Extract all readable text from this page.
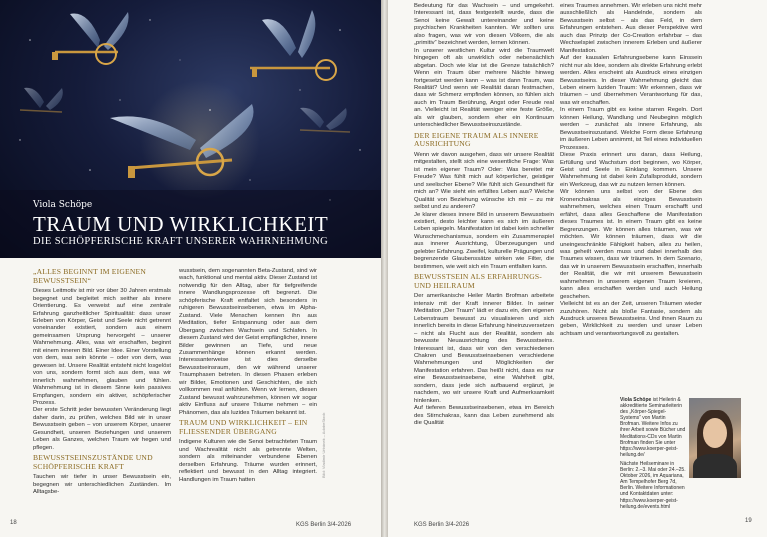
Viola Schöpe
TRAUM UND WIRKLICHKEIT
DIE SCHÖPFERISCHE KRAFT UNSERER WAHRNEHMUNG
„ALLES BEGINNT IM EIGENEN BEWUSSTSEIN“

Dieses Leitmotiv ist mir vor über 30 Jahren erstmals begegnet und begleitet mich seither als innere Orientierung. Es verweist auf eine zentrale Erfahrung ganzheitlicher Spiritualität: dass unser Erleben von Körper, Geist und Seele nicht getrennt voneinander existiert, sondern aus einem gemeinsamen Ursprung hervorgeht – unserer Wahrnehmung. Alles, was wir erschaffen, beginnt mit einem inneren Bild. Einer Idee. Einer Vorstellung von dem, was sein könnte – oder von dem, was gewesen ist. Unsere Realität entsteht nicht losgelöst von uns, sondern formt sich aus dem, was wir innerlich wahrnehmen, glauben und fühlen. Wahrnehmung ist in diesem Sinne kein passives Empfangen, sondern ein aktiver, schöpferischer Prozess.

Der erste Schritt jeder bewussten Veränderung liegt daher darin, zu prüfen, welches Bild wir in unser Bewusstsein geben – von unserem Körper, unserer Gesundheit, unseren Beziehungen und unserem Leben als Ganzes, welchen Traum wir hegen und pflegen.

BEWUSSTSEINSZUSTÄNDE UND SCHÖPFERISCHE KRAFT

Tauchen wir tiefer in unser Bewusstsein ein, begegnen wir unterschiedlichen Zuständen. Im Alltagsbe-

wusstsein, dem sogenannten Beta-Zustand, sind wir wach, funktional und mental aktiv. Dieser Zustand ist notwendig für den Alltag, aber für tiefgreifende innere Wandlungsprozesse oft begrenzt. Die schöpferische Kraft entfaltet sich besonders in ruhigeren Bewusstseinsebenen, etwa im Alpha-Zustand. Viele Menschen kennen ihn aus Meditation, tiefer Entspannung oder aus dem Übergang zwischen Wachsein und Schlafen. In diesem Zustand wird der Geist empfänglicher, innere Bilder gewinnen an Tiefe, und neue Zusammenhänge können erkannt werden. Interessanterweise ist dies derselbe Bewusstseinsraum, den wir während unserer Traumphasen betreten. In diesen Phasen erleben wir Bilder, Emotionen und Geschichten, die sich vollkommen real anfühlen. Wenn wir lernen, diesen Zustand bewusst wahrzunehmen, können wir sogar aktiv Einfluss auf unsere Träume nehmen – ein Phänomen, das als luzides Träumen bekannt ist.

TRAUM UND WIRKLICHKEIT – EIN FLIESSENDER ÜBERGANG

Indigene Kulturen wie die Senoi betrachteten Traum und Wachrealität nicht als getrennte Welten, sondern als miteinander verbundene Ebenen derselben Erfahrung. Träume wurden erinnert, reflektiert und bewusst in den Alltag integriert. Handlungen im Traum hatten

Bild: Vladimir Urbánek – AdobeStock
18	KGS Berlin 3/4-2026

Bedeutung für das Wachsein – und umgekehrt. Interessant ist, dass festgestellt wurde, dass die Senoi keine Gewalt untereinander und keine psychischen Krankheiten kannten. Wir sollten uns also fragen, was wir von diesen Völkern, die als „primitiv“ bezeichnet werden, lernen können.

In unserer westlichen Kultur wird die Traumwelt hingegen oft als unwirklich oder nebensächlich abgetan. Doch wie klar ist die Grenze tatsächlich? Wenn ein Traum über mehrere Nächte hinweg fortgesetzt werden kann – was ist dann Traum, was Realität? Und wenn wir Realität daran festmachen, dass wir Schmerz empfinden können, so fühlen sich auch im Traum Berührung, Angst oder Freude real an. Vielleicht ist Realität weniger eine feste Größe, als wir glauben, sondern eher ein Kontinuum unterschiedlicher Bewusstseinszustände.

DER EIGENE TRAUM ALS INNERE AUSRICHTUNG

Wenn wir davon ausgehen, dass wir unsere Realität mitgestalten, stellt sich eine wesentliche Frage: Was ist mein eigener Traum? Oder: Was bereitet mir Freude? Was fühlt mich auf körperlicher, geistiger und seelischer Ebene? Wie fühlt sich Gesundheit für mich an? Wie sieht ein erfülltes Leben aus? Welche Qualität von Beziehung wünsche ich mir – zu mir selbst und zu anderen?

Je klarer dieses innere Bild in unserem Bewusstsein existiert, desto leichter kann es sich im äußeren Leben spiegeln. Manifestation ist dabei kein schneller Wunschmechanismus, sondern ein Zusammenspiel aus innerer Ausrichtung, Überzeugungen und gelebter Erfahrung. Zweifel, kulturelle Prägungen und begrenzende Glaubenssätze wirken wie Filter, die bestimmen, wie weit sich ein Traum entfalten kann.

BEWUSSTSEIN ALS ERFAHRUNGS- UND HEILRAUM

Der amerikanische Heiler Martin Brofman arbeitete intensiv mit der Kraft innerer Bilder. In seiner Meditation „Der Traum“ lädt er dazu ein, den eigenen Lebenstraum bewusst zu visualisieren und sich innerlich bereits in diese Erfahrung hineinzuversetzen – nicht als Flucht aus der Realität, sondern als bewusste Neuausrichtung des Bewusstseins. Interessant ist, dass wir von den verschiedenen Chakren und Bewusstseinsebenen verschiedene Wahrnehmungen und Möglichkeiten der Manifestation erfahren. Das heißt nicht, dass es nur eine Bewusstseinsebene, eine Wahrheit gibt, sondern, dass jede sich aufbauend ergänzt, je nachdem, wo wir unsere Kraft und Aufmerksamkeit hinlenken.

Auf tieferen Bewusstseinsebenen, etwa im Bereich des Stirnchakras, kann das Leben zunehmend als die Qualität

eines Traumes annehmen. Wir erleben uns nicht mehr ausschließlich als Handelnde, sondern als Bewusstsein selbst – als das Feld, in dem Erfahrungen entstehen. Aus dieser Perspektive wird auch das Prinzip der Co-Creation erfahrbar – das Wechselspiel zwischen innerem Erleben und äußerer Manifestation.

Auf der kausalen Erfahrungsebene kann Einssein nicht nur als Idee, sondern als direkte Erfahrung erlebt werden. Alles erscheint als Ausdruck eines einzigen Bewusstseins. In dieser Wahrnehmung gleicht das Leben einem luziden Traum: Wir erkennen, dass wir träumen – und übernehmen Verantwortung für das, was wir erschaffen.

In einem Traum gibt es keine starren Regeln. Dort können Heilung, Wandlung und Neubeginn möglich werden – zunächst als innere Erfahrung, als Bewusstseinszustand. Welche Form diese Erfahrung im äußeren Leben annimmt, ist Teil eines individuellen Prozesses.

Diese Praxis erinnert uns daran, dass Heilung, Erfüllung und Wachstum dort beginnen, wo Körper, Geist und Seele in Einklang kommen. Unsere Wahrnehmung ist dabei kein Zufallsprodukt, sondern ein Werkzeug, das wir zu nutzen lernen können.

Wir können uns selbst von der Ebene des Kronenchakras als einziges Bewusstsein wahrnehmen, welches einen Traum erschafft und erfährt, dass alles Geschaffene die Manifestation dieses Traumes ist. In einem Traum gibt es keine Begrenzungen. Wir können alles träumen, was wir möchten. Wir können träumen, dass wir die uneingeschränkte Fähigkeit haben, alles zu heilen, was geheilt werden muss und dabei innerhalb des Traumes wissen, dass wir träumen. In dem Szenario, das wir in unserem Bewusstsein erschaffen, innerhalb der Realität, die wir mit unserem Bewusstsein wahrnehmen in unserem eigenen Traum kreieren, kann alles erschaffen werden und auch Heilung geschehen.

Vielleicht ist es an der Zeit, unseren Träumen wieder zuzuhören. Nicht als bloße Fantasie, sondern als Ausdruck unseres Bewusstseins. Und ihnen Raum zu geben, Wirklichkeit zu werden und unser Leben achtsam und verantwortungsvoll zu gestalten.

Viola Schöpe ist Heilerin & akkreditierte Seminarleiterin des „Körper-Spiegel-Systems“ von Martin Brofman. Weitere Infos zu ihrer Arbeit sowie Bücher und Meditations-CDs von Martin Brofman finden Sie unter https://www.koerper-geist-heilung.de/
Nächste Heilseminare in Berlin: 2.–3. Mai oder 24.–25. Oktober 2026, im Aquariana, Am Tempelhofer Berg 7d, Berlin. Weitere Informationen und Kontaktdaten unter: https://www.koerper-geist-heilung.de/events.html
KGS Berlin 3/4-2026
19
